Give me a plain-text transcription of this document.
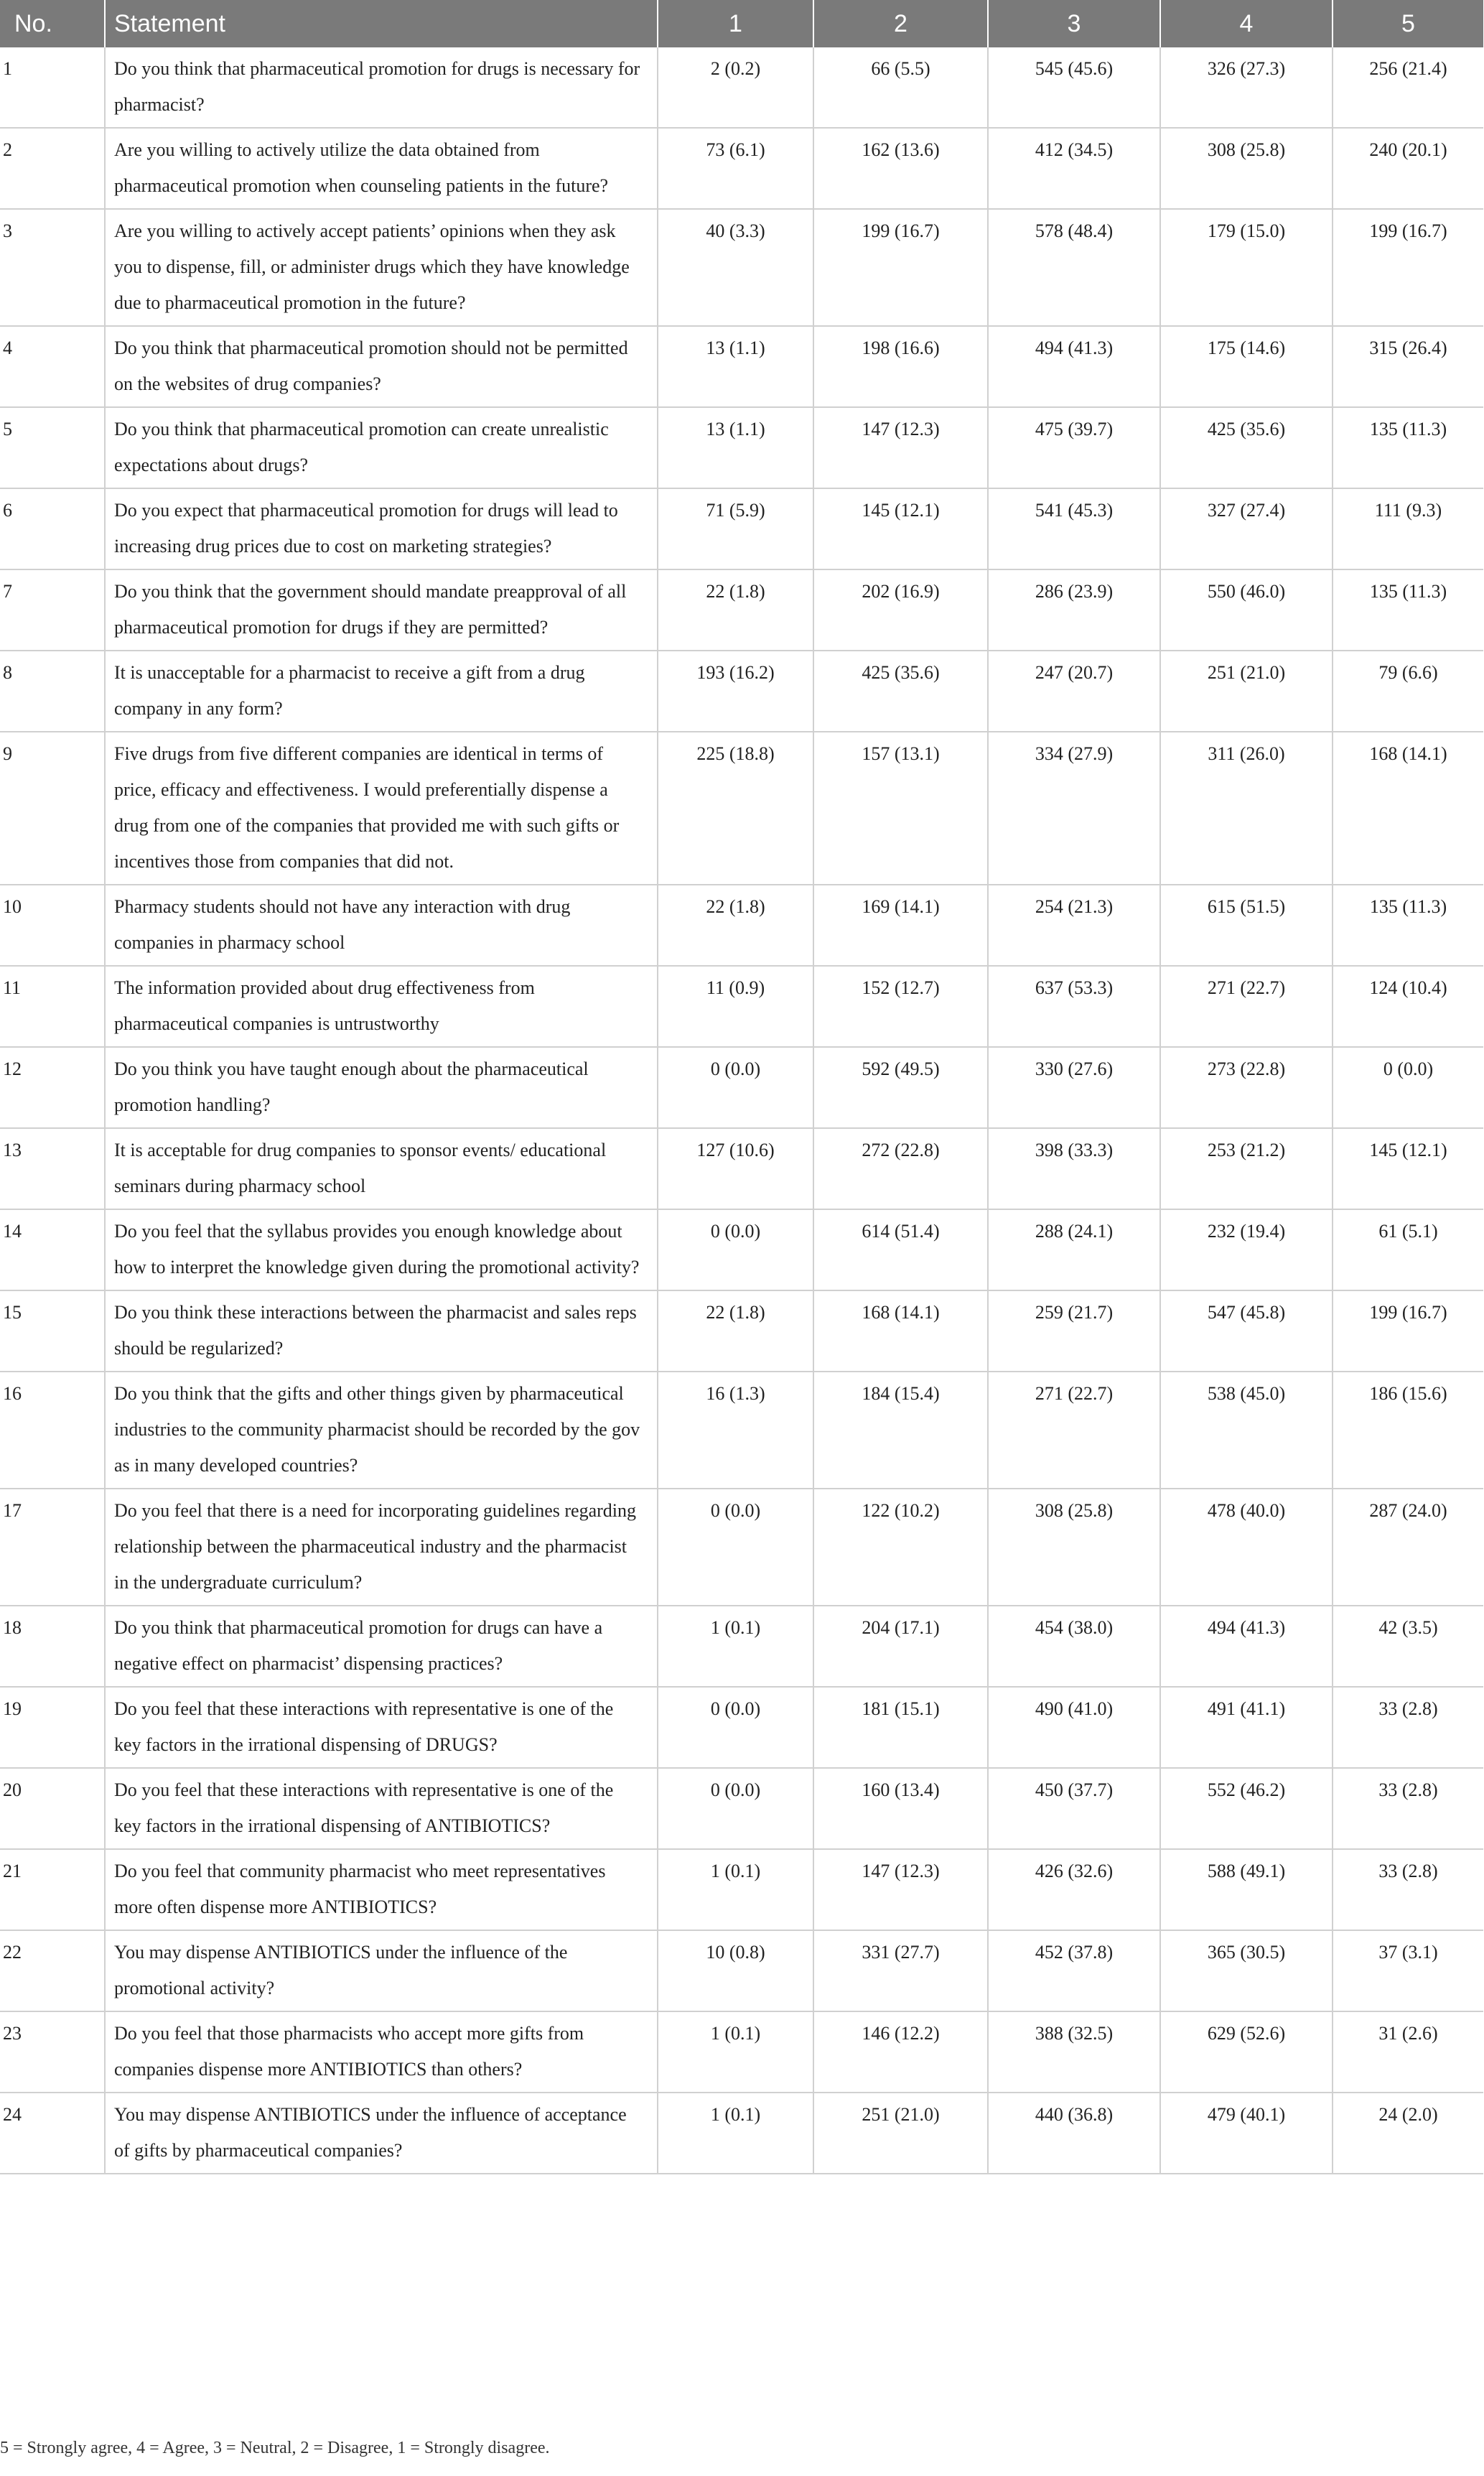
No.	Statement	1	2	3	4	5
1	Do you think that pharmaceutical promotion for drugs is necessary for pharmacist?	2 (0.2)	66 (5.5)	545 (45.6)	326 (27.3)	256 (21.4)
2	Are you willing to actively utilize the data obtained from pharmaceutical promotion when counseling patients in the future?	73 (6.1)	162 (13.6)	412 (34.5)	308 (25.8)	240 (20.1)
3	Are you willing to actively accept patients’ opinions when they ask you to dispense, fill, or administer drugs which they have knowledge due to pharmaceutical promotion in the future?	40 (3.3)	199 (16.7)	578 (48.4)	179 (15.0)	199 (16.7)
4	Do you think that pharmaceutical promotion should not be permitted on the websites of drug companies?	13 (1.1)	198 (16.6)	494 (41.3)	175 (14.6)	315 (26.4)
5	Do you think that pharmaceutical promotion can create unrealistic expectations about drugs?	13 (1.1)	147 (12.3)	475 (39.7)	425 (35.6)	135 (11.3)
6	Do you expect that pharmaceutical promotion for drugs will lead to increasing drug prices due to cost on marketing strategies?	71 (5.9)	145 (12.1)	541 (45.3)	327 (27.4)	111 (9.3)
7	Do you think that the government should mandate preapproval of all pharmaceutical promotion for drugs if they are permitted?	22 (1.8)	202 (16.9)	286 (23.9)	550 (46.0)	135 (11.3)
8	It is unacceptable for a pharmacist to receive a gift from a drug company in any form?	193 (16.2)	425 (35.6)	247 (20.7)	251 (21.0)	79 (6.6)
9	Five drugs from five different companies are identical in terms of price, efficacy and effectiveness. I would preferentially dispense a drug from one of the companies that provided me with such gifts or incentives those from companies that did not.	225 (18.8)	157 (13.1)	334 (27.9)	311 (26.0)	168 (14.1)
10	Pharmacy students should not have any interaction with drug companies in pharmacy school	22 (1.8)	169 (14.1)	254 (21.3)	615 (51.5)	135 (11.3)
11	The information provided about drug effectiveness from pharmaceutical companies is untrustworthy	11 (0.9)	152 (12.7)	637 (53.3)	271 (22.7)	124 (10.4)
12	Do you think you have taught enough about the pharmaceutical promotion handling?	0 (0.0)	592 (49.5)	330 (27.6)	273 (22.8)	0 (0.0)
13	It is acceptable for drug companies to sponsor events/ educational seminars during pharmacy school	127 (10.6)	272 (22.8)	398 (33.3)	253 (21.2)	145 (12.1)
14	Do you feel that the syllabus provides you enough knowledge about how to interpret the knowledge given during the promotional activity?	0 (0.0)	614 (51.4)	288 (24.1)	232 (19.4)	61 (5.1)
15	Do you think these interactions between the pharmacist and sales reps should be regularized?	22 (1.8)	168 (14.1)	259 (21.7)	547 (45.8)	199 (16.7)
16	Do you think that the gifts and other things given by pharmaceutical industries to the community pharmacist should be recorded by the gov as in many developed countries?	16 (1.3)	184 (15.4)	271 (22.7)	538 (45.0)	186 (15.6)
17	Do you feel that there is a need for incorporating guidelines regarding relationship between the pharmaceutical industry and the pharmacist in the undergraduate curriculum?	0 (0.0)	122 (10.2)	308 (25.8)	478 (40.0)	287 (24.0)
18	Do you think that pharmaceutical promotion for drugs can have a negative effect on pharmacist’ dispensing practices?	1 (0.1)	204 (17.1)	454 (38.0)	494 (41.3)	42 (3.5)
19	Do you feel that these interactions with representative is one of the key factors in the irrational dispensing of DRUGS?	0 (0.0)	181 (15.1)	490 (41.0)	491 (41.1)	33 (2.8)
20	Do you feel that these interactions with representative is one of the key factors in the irrational dispensing of ANTIBIOTICS?	0 (0.0)	160 (13.4)	450 (37.7)	552 (46.2)	33 (2.8)
21	Do you feel that community pharmacist who meet representatives more often dispense more ANTIBIOTICS?	1 (0.1)	147 (12.3)	426 (32.6)	588 (49.1)	33 (2.8)
22	You may dispense ANTIBIOTICS under the influence of the promotional activity?	10 (0.8)	331 (27.7)	452 (37.8)	365 (30.5)	37 (3.1)
23	Do you feel that those pharmacists who accept more gifts from companies dispense more ANTIBIOTICS than others?	1 (0.1)	146 (12.2)	388 (32.5)	629 (52.6)	31 (2.6)
24	You may dispense ANTIBIOTICS under the influence of acceptance of gifts by pharmaceutical companies?	1 (0.1)	251 (21.0)	440 (36.8)	479 (40.1)	24 (2.0)
5 = Strongly agree, 4 = Agree, 3 = Neutral, 2 = Disagree, 1 = Strongly disagree.
